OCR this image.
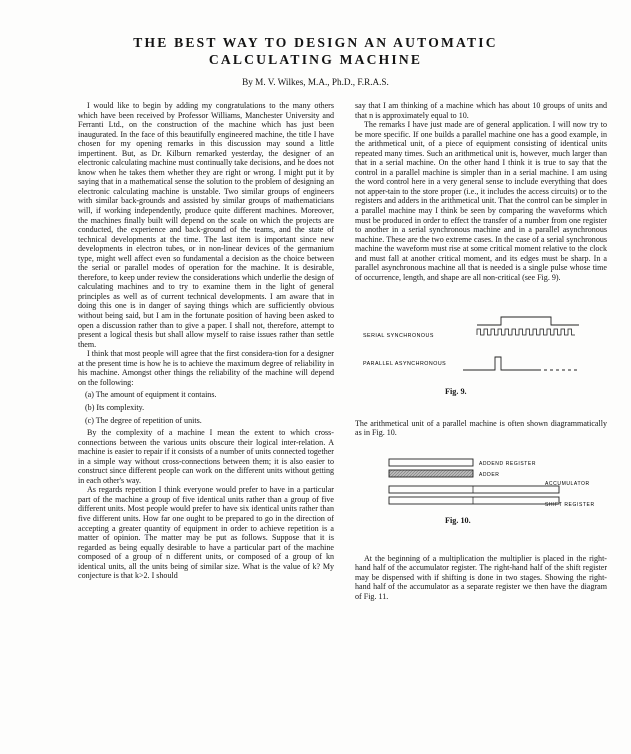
THE BEST WAY TO DESIGN AN AUTOMATIC
CALCULATING MACHINE
By M. V. Wilkes, M.A., Ph.D., F.R.A.S.

I would like to begin by adding my congratulations to the many others which have been received by Professor Williams, Manchester University and Ferranti Ltd., on the construction of the machine which has just been inaugurated. In the face of this beautifully engineered machine, the title I have chosen for my opening remarks in this discussion may sound a little impertinent. But, as Dr. Kilburn remarked yesterday, the designer of an electronic calculating machine must continually take decisions, and he does not know when he takes them whether they are right or wrong. I might put it by saying that in a mathematical sense the solution to the problem of designing an electronic calculating machine is unstable. Two similar groups of engineers with similar back-grounds and assisted by similar groups of mathematicians will, if working independently, produce quite different machines. Moreover, the machines finally built will depend on the scale on which the projects are conducted, the experience and back-ground of the teams, and the state of technical developments at the time. The last item is important since new developments in electron tubes, or in non-linear devices of the germanium type, might well affect even so fundamental a decision as the choice between the serial or parallel modes of operation for the machine. It is desirable, therefore, to keep under review the considerations which underlie the design of calculating machines and to try to examine them in the light of general principles as well as of current technical developments. I am aware that in doing this one is in danger of saying things which are sufficiently obvious without being said, but I am in the fortunate position of having been asked to open a discussion rather than to give a paper. I shall not, therefore, attempt to present a logical thesis but shall allow myself to raise issues rather than settle them.

I think that most people will agree that the first considera-tion for a designer at the present time is how he is to achieve the maximum degree of reliability in his machine. Amongst other things the reliability of the machine will depend on the following:

(a) The amount of equipment it contains.
(b) Its complexity.
(c) The degree of repetition of units.

By the complexity of a machine I mean the extent to which cross-connections between the various units obscure their logical inter-relation. A machine is easier to repair if it consists of a number of units connected together in a simple way without cross-connections between them; it is also easier to construct since different people can work on the different units without getting in each other's way.

As regards repetition I think everyone would prefer to have in a particular part of the machine a group of five identical units rather than a group of five different units. Most people would prefer to have six identical units rather than five different units. How far one ought to be prepared to go in the direction of accepting a greater quantity of equipment in order to achieve repetition is a matter of opinion. The matter may be put as follows. Suppose that it is regarded as being equally desirable to have a particular part of the machine composed of a group of n different units, or composed of a group of kn identical units, all the units being of similar size. What is the value of k? My conjecture is that k>2. I should

say that I am thinking of a machine which has about 10 groups of units and that n is approximately equal to 10.

The remarks I have just made are of general application. I will now try to be more specific. If one builds a parallel machine one has a good example, in the arithmetical unit, of a piece of equipment consisting of identical units repeated many times. Such an arithmetical unit is, however, much larger than that in a serial machine. On the other hand I think it is true to say that the control in a parallel machine is simpler than in a serial machine. I am using the word control here in a very general sense to include everything that does not apper-tain to the store proper (i.e., it includes the access circuits) or to the registers and adders in the arithmetical unit. That the control can be simpler in a parallel machine may I think be seen by comparing the waveforms which must be produced in order to effect the transfer of a number from one register to another in a serial synchronous machine and in a parallel asynchronous machine. These are the two extreme cases. In the case of a serial synchronous machine the waveform must rise at some critical moment relative to the clock and must fall at another critical moment, and its edges must be sharp. In a parallel asynchronous machine all that is needed is a single pulse whose time of occurrence, length, and shape are all non-critical (see Fig. 9).

SERIAL SYNCHRONOUS
PARALLEL ASYNCHRONOUS
Fig. 9.

The arithmetical unit of a parallel machine is often shown diagrammatically as in Fig. 10.

ADDEND REGISTER
ADDER
ACCUMULATOR
SHIFT REGISTER
Fig. 10.

At the beginning of a multiplication the multiplier is placed in the right-hand half of the accumulator register. The right-hand half of the shift register may be dispensed with if shifting is done in two stages. Showing the right-hand half of the accumulator as a separate register we then have the diagram of Fig. 11.
